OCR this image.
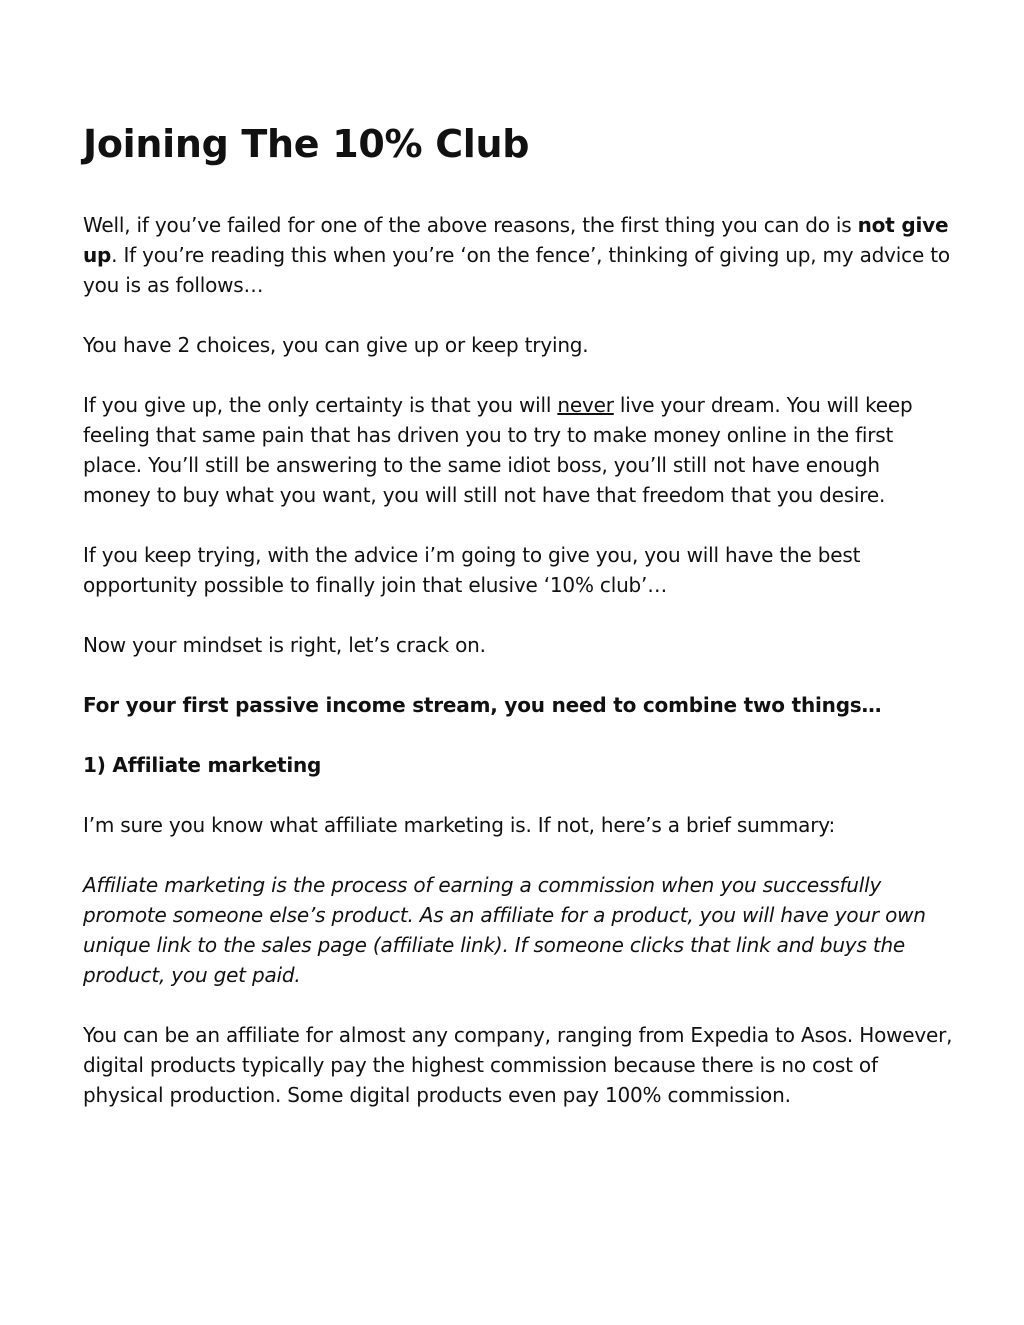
Joining The 10% Club

Well, if you’ve failed for one of the above reasons, the first thing you can do is not give up. If you’re reading this when you’re ‘on the fence’, thinking of giving up, my advice to you is as follows…

You have 2 choices, you can give up or keep trying.

If you give up, the only certainty is that you will never live your dream. You will keep feeling that same pain that has driven you to try to make money online in the first place. You’ll still be answering to the same idiot boss, you’ll still not have enough money to buy what you want, you will still not have that freedom that you desire.

If you keep trying, with the advice i’m going to give you, you will have the best opportunity possible to finally join that elusive ‘10% club’…

Now your mindset is right, let’s crack on.

For your first passive income stream, you need to combine two things…

1) Affiliate marketing

I’m sure you know what affiliate marketing is. If not, here’s a brief summary:

Affiliate marketing is the process of earning a commission when you successfully promote someone else’s product. As an affiliate for a product, you will have your own unique link to the sales page (affiliate link). If someone clicks that link and buys the product, you get paid.

You can be an affiliate for almost any company, ranging from Expedia to Asos. However, digital products typically pay the highest commission because there is no cost of physical production. Some digital products even pay 100% commission.
